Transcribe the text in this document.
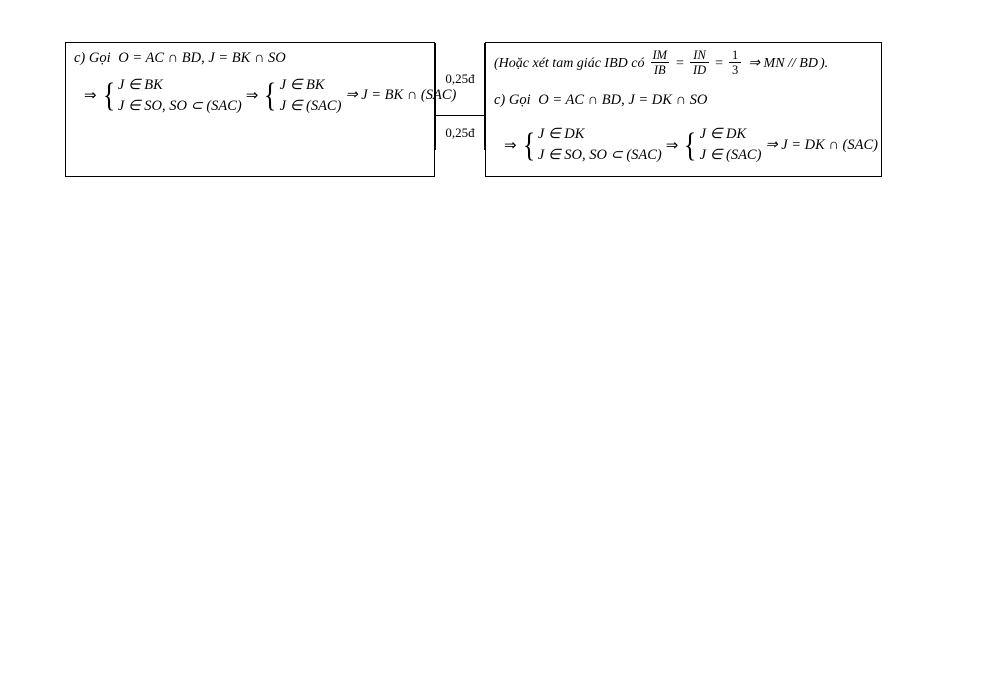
c) Gọi O = AC ∩ BD, J = BK ∩ SO
⇒ { J ∈ BK
J ∈ SO, SO ⊂ (SAC)
⇒ { J ∈ BK
J ∈ (SAC)
⇒ J = BK ∩ (SAC)

0,25đ
0,25đ

(Hoặc xét tam giác IBD có $\frac{IM}{IB} = \frac{IN}{ID} = \frac{1}{3}$ ⇒ MN // BD ).
c) Gọi O = AC ∩ BD, J = DK ∩ SO
⇒ { J ∈ DK
J ∈ SO, SO ⊂ (SAC)
⇒ { J ∈ DK
J ∈ (SAC)
⇒ J = DK ∩ (SAC)
